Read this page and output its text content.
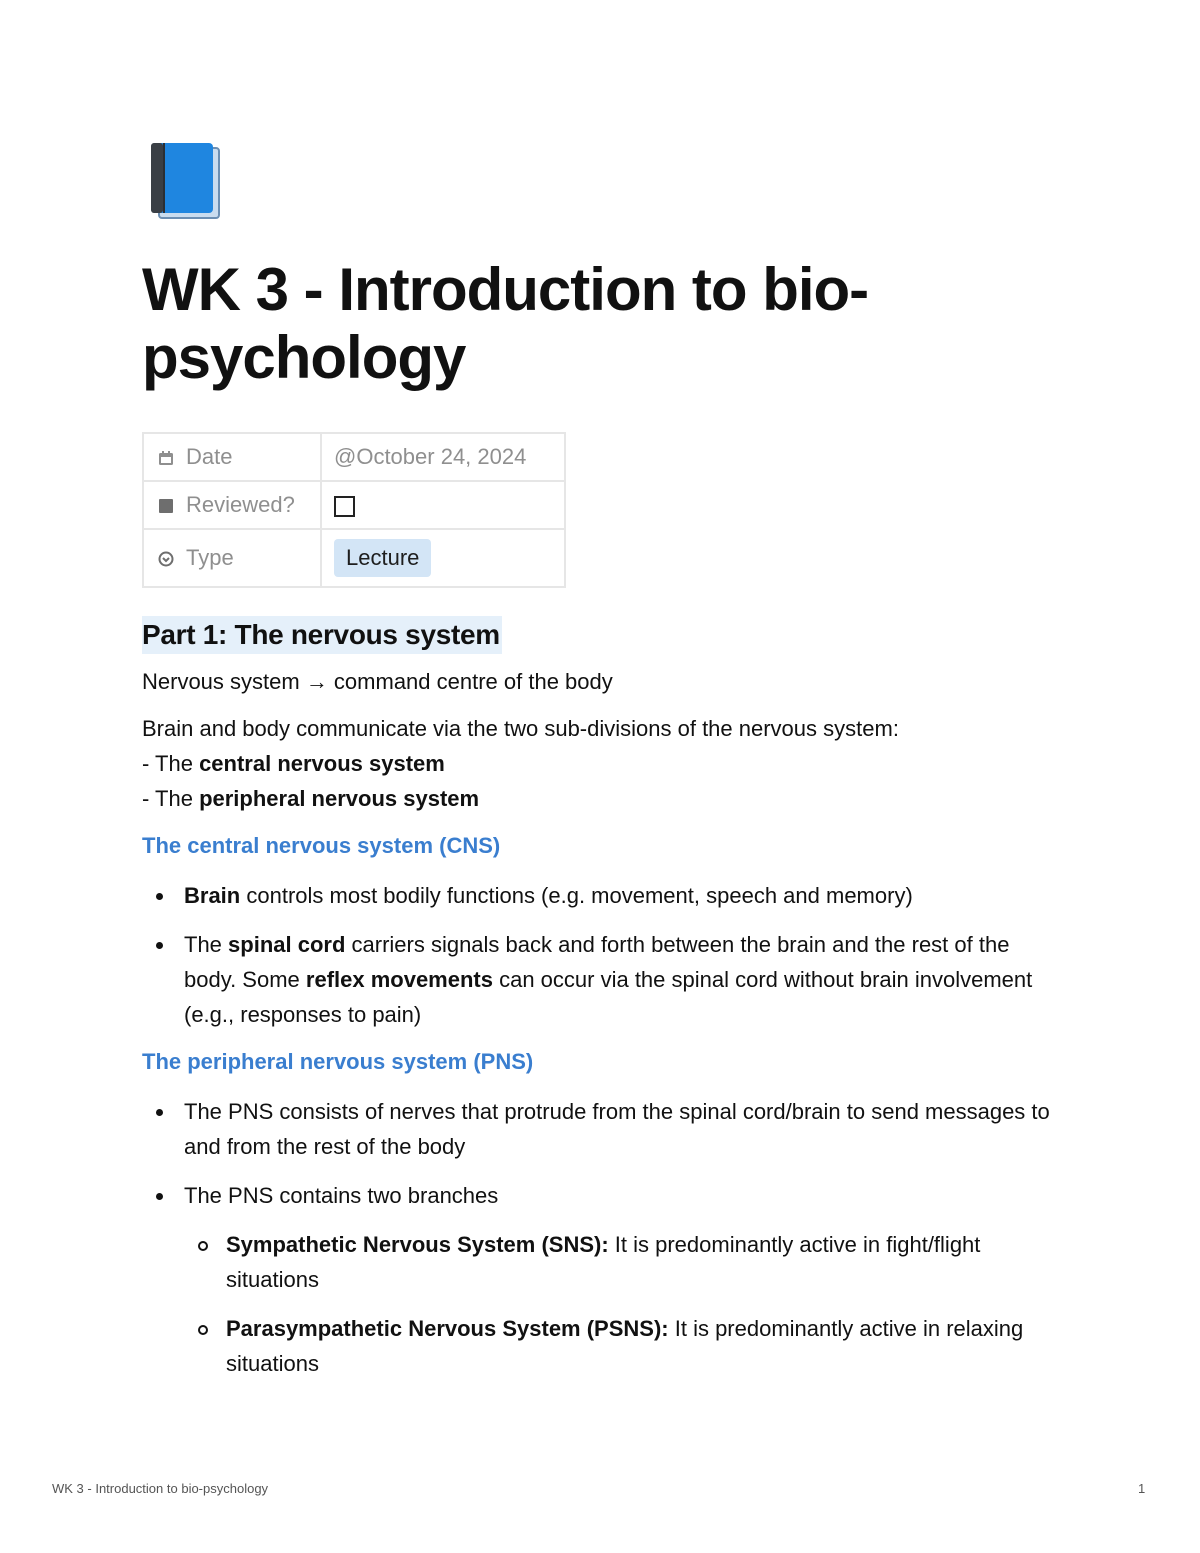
WK 3 - Introduction to bio-
psychology
Date	@October 24, 2024
Reviewed?	
Type	Lecture
Part 1: The nervous system

Nervous system → command centre of the body

Brain and body communicate via the two sub-divisions of the nervous system:
- The central nervous system
- The peripheral nervous system

The central nervous system (CNS)
Brain controls most bodily functions (e.g. movement, speech and memory)
The spinal cord carriers signals back and forth between the brain and the rest of the body. Some reflex movements can occur via the spinal cord without brain involvement (e.g., responses to pain)
The peripheral nervous system (PNS)
The PNS consists of nerves that protrude from the spinal cord/brain to send messages to and from the rest of the body
The PNS contains two branches
Sympathetic Nervous System (SNS): It is predominantly active in fight/flight situations
Parasympathetic Nervous System (PSNS): It is predominantly active in relaxing situations
WK 3 - Introduction to bio-psychology	1
